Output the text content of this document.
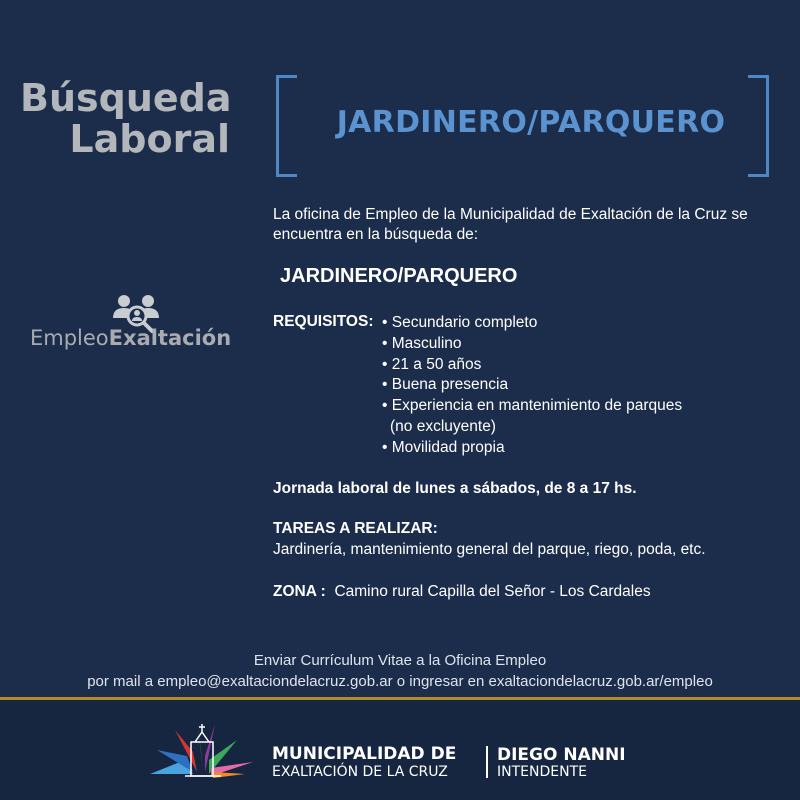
Búsqueda
Laboral	JARDINERO/PARQUERO
EmpleoExaltación
La oficina de Empleo de la Municipalidad de Exaltación de la Cruz se encuentra en la búsqueda de:
JARDINERO/PARQUERO
REQUISITOS: • Secundario completo
• Masculino
• 21 a 50 años
• Buena presencia
• Experiencia en mantenimiento de parques
(no excluyente)
• Movilidad propia
Jornada laboral de lunes a sábados, de 8 a 17 hs.
TAREAS A REALIZAR:
Jardinería, mantenimiento general del parque, riego, poda, etc.
ZONA : Camino rural Capilla del Señor - Los Cardales
Enviar Currículum Vitae a la Oficina Empleo
por mail a empleo@exaltaciondelacruz.gob.ar o ingresar en exaltaciondelacruz.gob.ar/empleo
MUNICIPALIDAD DE
EXALTACIÓN DE LA CRUZ
DIEGO NANNI
INTENDENTE
